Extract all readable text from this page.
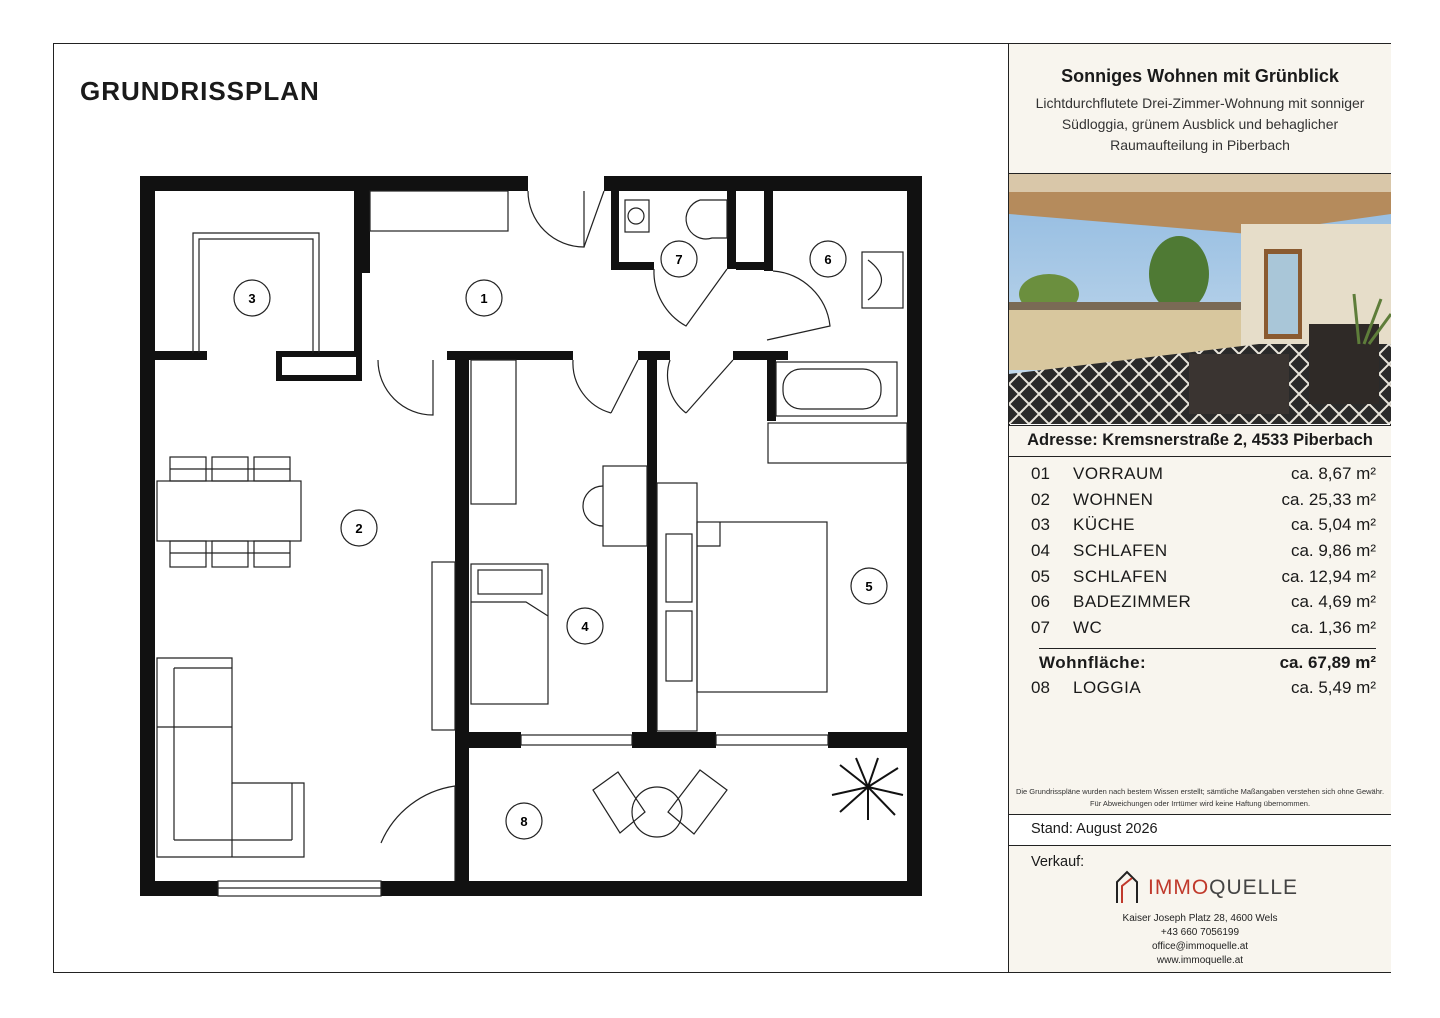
GRUNDRISSPLAN
1
2
3
4
5
6
7
8
Sonniges Wohnen mit Grünblick
Lichtdurchflutete Drei-Zimmer-Wohnung mit sonniger Südloggia, grünem Ausblick und behaglicher Raumaufteilung in Piberbach
Adresse: Kremsnerstraße 2, 4533 Piberbach
01	VORRAUM	ca. 8,67 m²
02	WOHNEN	ca. 25,33 m²
03	KÜCHE	ca. 5,04 m²
04	SCHLAFEN	ca. 9,86 m²
05	SCHLAFEN	ca. 12,94 m²
06	BADEZIMMER	ca. 4,69 m²
07	WC	ca. 1,36 m²
Wohnfläche:	ca. 67,89 m²
08	LOGGIA	ca. 5,49 m²
Die Grundrisspläne wurden nach bestem Wissen erstellt; sämtliche Maßangaben verstehen sich ohne Gewähr. Für Abweichungen oder Irrtümer wird keine Haftung übernommen.
Stand: August 2026
Verkauf:
IMMOQUELLE
Kaiser Joseph Platz 28, 4600 Wels
+43 660 7056199
office@immoquelle.at
www.immoquelle.at
